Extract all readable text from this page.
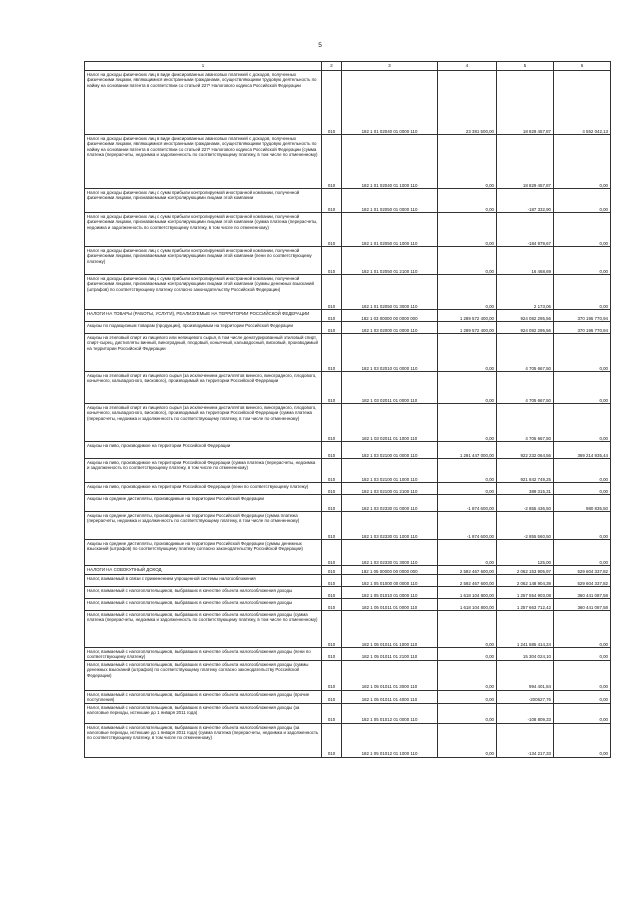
5
1	2	3	4	5	6
Налог на доходы физических лиц в виде фиксированных авансовых платежей с доходов, полученных физическими лицами, являющимися иностранными гражданами, осуществляющими трудовую деятельность по найму на основании патента в соответствии со статьей 227¹ Налогового кодекса Российской Федерации	010	182 1 01 02040 01 0000 110	23 381 500,00	18 829 457,87	4 552 042,13
Налог на доходы физических лиц в виде фиксированных авансовых платежей с доходов, полученных физическими лицами, являющимися иностранными гражданами, осуществляющими трудовую деятельность по найму на основании патента в соответствии со статьей 227¹ Налогового кодекса Российской Федерации (сумма платежа (перерасчеты, недоимка и задолженность по соответствующему платежу, в том числе по отмененному)	010	182 1 01 02040 01 1000 110	0,00	18 829 457,87	0,00
Налог на доходы физических лиц с сумм прибыли контролируемой иностранной компании, полученной физическими лицами, признаваемыми контролирующими лицами этой компании	010	182 1 01 02050 01 0000 110	0,00	-187 332,90	0,00
Налог на доходы физических лиц с сумм прибыли контролируемой иностранной компании, полученной физическими лицами, признаваемыми контролирующими лицами этой компании (сумма платежа (перерасчеты, недоимка и задолженность по соответствующему платежу, в том числе по отмененному)	010	182 1 01 02050 01 1000 110	0,00	-184 979,67	0,00
Налог на доходы физических лиц с сумм прибыли контролируемой иностранной компании, полученной физическими лицами, признаваемыми контролирующими лицами этой компании (пени по соответствующему платежу)	010	182 1 01 02050 01 2100 110	0,00	16 468,69	0,00
Налог на доходы физических лиц с сумм прибыли контролируемой иностранной компании, полученной физическими лицами, признаваемыми контролирующими лицами этой компании (суммы денежных взысканий (штрафов) по соответствующему платежу согласно законодательству Российской Федерации)	010	182 1 01 02050 01 3000 110	0,00	2 173,06	0,00
НАЛОГИ НА ТОВАРЫ (РАБОТЫ, УСЛУГИ), РЕАЛИЗУЕМЫЕ НА ТЕРРИТОРИИ РОССИЙСКОЙ ФЕДЕРАЦИИ	010	182 1 03 00000 00 0000 000	1 289 572 400,00	924 082 295,56	370 195 770,94
Акцизы по подакцизным товарам (продукции), производимым на территории Российской Федерации	010	182 1 03 02000 01 0000 110	1 289 572 400,00	924 082 295,56	370 195 770,94
Акцизы на этиловый спирт из пищевого или непищевого сырья, в том числе денатурированный этиловый спирт, спирт-сырец, дистилляты винный, виноградный, плодовый, коньячный, кальвадосный, висковый, производимый на территории Российской Федерации	010	182 1 03 02010 01 0000 110	0,00	4 705 667,50	0,00
Акцизы на этиловый спирт из пищевого сырья (за исключением дистиллятов винного, виноградного, плодового, коньячного, кальвадосного, вискового), производимый на территории Российской Федерации	010	182 1 03 02011 01 0000 110	0,00	4 705 667,50	0,00
Акцизы на этиловый спирт из пищевого сырья (за исключением дистиллятов винного, виноградного, плодового, коньячного, кальвадосного, вискового), производимый на территории Российской Федерации (сумма платежа (перерасчеты, недоимка и задолженность по соответствующему платежу, в том числе по отмененному)	010	182 1 03 02011 01 1000 110	0,00	4 705 667,50	0,00
Акцизы на пиво, производимое на территории Российской Федерации	010	182 1 03 02100 01 0000 110	1 291 447 000,00	922 232 064,56	369 214 935,44
Акцизы на пиво, производимое на территории Российской Федерации (сумма платежа (перерасчеты, недоимка и задолженность по соответствующему платежу, в том числе по отмененному)	010	182 1 03 02100 01 1000 110	0,00	921 842 749,25	0,00
Акцизы на пиво, производимое на территории Российской Федерации (пени по соответствующему платежу)	010	182 1 03 02100 01 2100 110	0,00	389 315,31	0,00
Акцизы на средние дистилляты, производимые на территории Российской Федерации	010	182 1 03 02330 01 0000 110	-1 874 600,00	-2 855 436,50	980 835,50
Акцизы на средние дистилляты, производимые на территории Российской Федерации (сумма платежа (перерасчеты, недоимка и задолженность по соответствующему платежу, в том числе по отмененному)	010	182 1 03 02330 01 1000 110	-1 874 600,00	-2 855 560,50	0,00
Акцизы на средние дистилляты, производимые на территории Российской Федерации (суммы денежных взысканий (штрафов) по соответствующему платежу согласно законодательству Российской Федерации)	010	182 1 03 02330 01 3000 110	0,00	125,00	0,00
НАЛОГИ НА СОВОКУПНЫЙ ДОХОД	010	182 1 05 00000 00 0000 000	2 592 467 600,00	2 062 153 905,97	529 604 337,82
Налог, взимаемый в связи с применением упрощенной системы налогообложения	010	182 1 05 01000 00 0000 110	2 592 467 600,00	2 062 148 904,39	529 604 337,82
Налог, взимаемый с налогоплательщиков, выбравших в качестве объекта налогообложения доходы	010	182 1 05 01010 01 0000 110	1 618 104 800,00	1 257 554 903,08	360 441 087,58
Налог, взимаемый с налогоплательщиков, выбравших в качестве объекта налогообложения доходы	010	182 1 05 01011 01 0000 110	1 618 104 800,00	1 257 663 712,42	360 441 087,58
Налог, взимаемый с налогоплательщиков, выбравших в качестве объекта налогообложения доходы (сумма платежа (перерасчеты, недоимка и задолженность по соответствующему платежу, в том числе по отмененному)	010	182 1 05 01011 01 1000 110	0,00	1 241 585 414,24	0,00
Налог, взимаемый с налогоплательщиков, выбравших в качестве объекта налогообложения доходы (пени по соответствующему платежу)	010	182 1 05 01011 01 2100 110	0,00	15 304 024,10	0,00
Налог, взимаемый с налогоплательщиков, выбравших в качестве объекта налогообложения доходы (суммы денежных взысканий (штрафов) по соответствующему платежу согласно законодательству Российской Федерации)	010	182 1 05 01011 01 3000 110	0,00	994 401,84	0,00
Налог, взимаемый с налогоплательщиков, выбравших в качестве объекта налогообложения доходы (прочие поступления)	010	182 1 05 01011 01 4000 110	0,00	-200627,76	0,00
Налог, взимаемый с налогоплательщиков, выбравших в качестве объекта налогообложения доходы (за налоговые периоды, истекшие до 1 января 2011 года)	010	182 1 05 01012 01 0000 110	0,00	-108 809,33	0,00
Налог, взимаемый с налогоплательщиков, выбравших в качестве объекта налогообложения доходы (за налоговые периоды, истекшие до 1 января 2011 года) (сумма платежа (перерасчеты, недоимка и задолженность по соответствующему платежу, в том числе по отмененному)	010	182 1 05 01012 01 1000 110	0,00	-134 217,33	0,00
